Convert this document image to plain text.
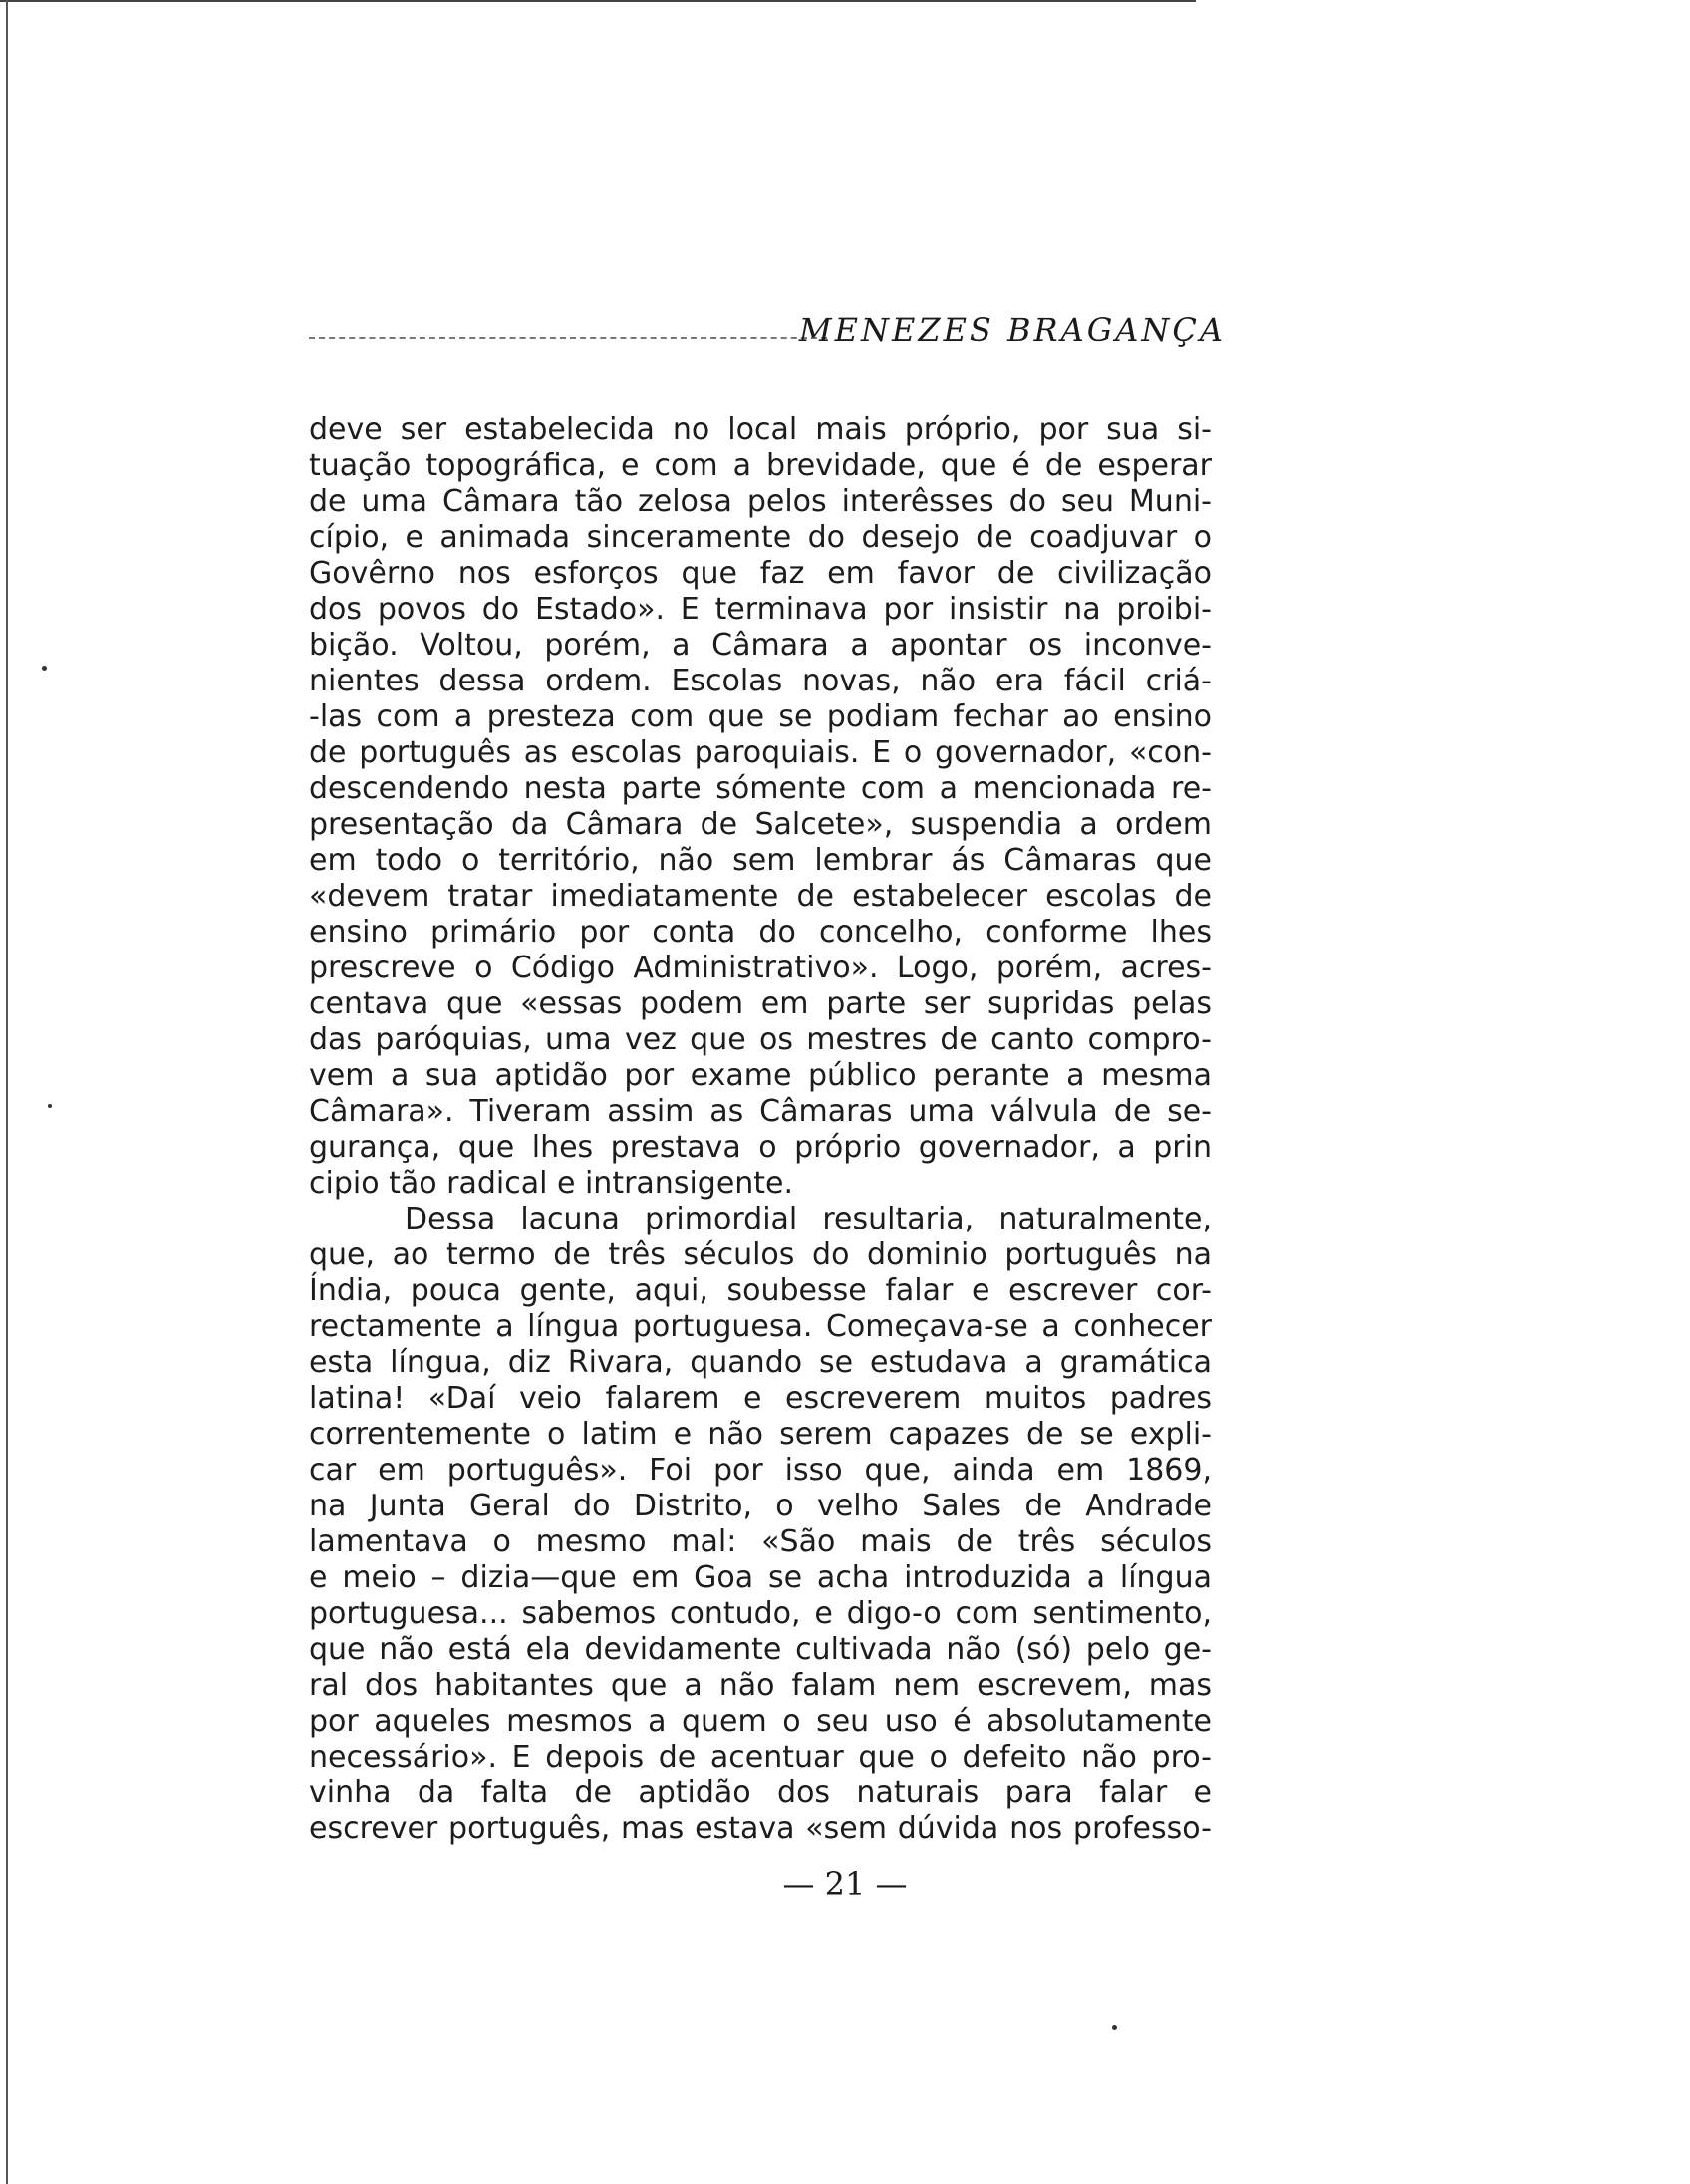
MENEZES BRAGANÇA
deve ser estabelecida no local mais próprio, por sua si-
tuação topográfica, e com a brevidade, que é de esperar
de uma Câmara tão zelosa pelos interêsses do seu Muni-
cípio, e animada sinceramente do desejo de coadjuvar o
Govêrno nos esforços que faz em favor de civilização
dos povos do Estado». E terminava por insistir na proibi-
bição. Voltou, porém, a Câmara a apontar os inconve-
nientes dessa ordem. Escolas novas, não era fácil criá-
-las com a presteza com que se podiam fechar ao ensino
de português as escolas paroquiais. E o governador, «con-
descendendo nesta parte sómente com a mencionada re-
presentação da Câmara de Salcete», suspendia a ordem
em todo o território, não sem lembrar ás Câmaras que
«devem tratar imediatamente de estabelecer escolas de
ensino primário por conta do concelho, conforme lhes
prescreve o Código Administrativo». Logo, porém, acres-
centava que «essas podem em parte ser supridas pelas
das paróquias, uma vez que os mestres de canto compro-
vem a sua aptidão por exame público perante a mesma
Câmara». Tiveram assim as Câmaras uma válvula de se-
gurança, que lhes prestava o próprio governador, a prin
cipio tão radical e intransigente.
Dessa lacuna primordial resultaria, naturalmente,
que, ao termo de três séculos do dominio português na
Índia, pouca gente, aqui, soubesse falar e escrever cor-
rectamente a língua portuguesa. Começava-se a conhecer
esta língua, diz Rivara, quando se estudava a gramática
latina! «Daí veio falarem e escreverem muitos padres
correntemente o latim e não serem capazes de se expli-
car em português». Foi por isso que, ainda em 1869,
na Junta Geral do Distrito, o velho Sales de Andrade
lamentava o mesmo mal: «São mais de três séculos
e meio – dizia—que em Goa se acha introduzida a língua
portuguesa... sabemos contudo, e digo-o com sentimento,
que não está ela devidamente cultivada não (só) pelo ge-
ral dos habitantes que a não falam nem escrevem, mas
por aqueles mesmos a quem o seu uso é absolutamente
necessário». E depois de acentuar que o defeito não pro-
vinha da falta de aptidão dos naturais para falar e
escrever português, mas estava «sem dúvida nos professo-
— 21 —
